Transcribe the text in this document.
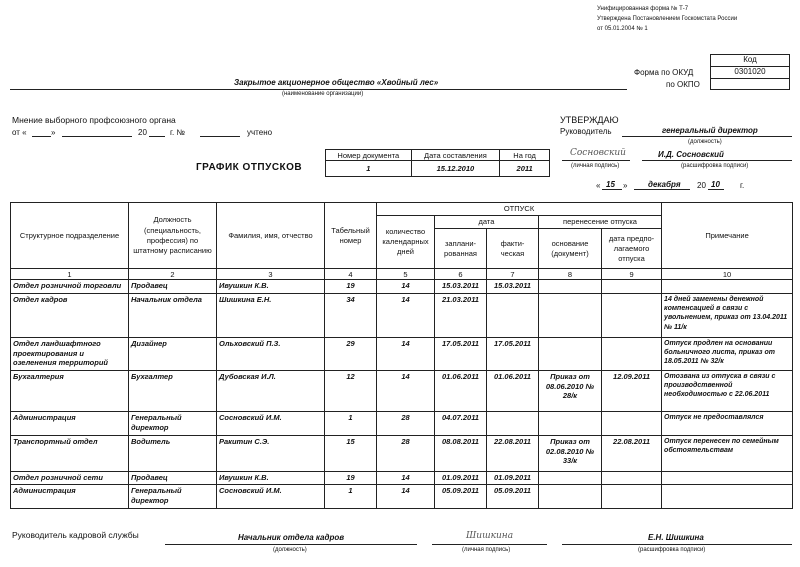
Унифицированная форма № Т-7
Утверждена Постановлением Госкомстата России
от 05.01.2004 № 1
Код
0301020
Форма по ОКУД
по ОКПО
Закрытое акционерное общество «Хвойный лес»
(наименование организации)
Мнение выборного профсоюзного органа
от «	»	20	г. №	учтено
УТВЕРЖДАЮ
Руководитель	генеральный директор
(должность)
Сосновский
(личная подпись)
И.Д. Сосновский
(расшифровка подписи)
« 15 »	декабря 20 10	г.
ГРАФИК ОТПУСКОВ
Номер документа	Дата составления	На год
1	15.12.2010	2011
Структурное подразделение	Должность (специальность, профессия) по штатному расписанию	Фамилия, имя, отчество	Табельный номер	ОТПУСК					Примечание
				количество календарных дней	дата		перенесение отпуска		
					заплани-рованная	факти-ческая	основание (документ)	дата предпо-лагаемого отпуска	
1	2	3	4	5	6	7	8	9	10
Отдел розничной торговли	Продавец	Ивушкин К.В.	19	14	15.03.2011	15.03.2011			
Отдел кадров	Начальник отдела	Шишкина Е.Н.	34	14	21.03.2011				14 дней заменены денежной компенсацией в связи с увольнением, приказ от 13.04.2011 № 11/к
Отдел ландшафтного проектирования и озеленения территорий	Дизайнер	Ольховский П.З.	29	14	17.05.2011	17.05.2011			Отпуск продлен на основании больничного листа, приказ от 18.05.2011 № 32/к
Бухгалтерия	Бухгалтер	Дубовская И.Л.	12	14	01.06.2011	01.06.2011	Приказ от 08.06.2010 № 28/к	12.09.2011	Отозвана из отпуска в связи с производственной необходимостью с 22.06.2011
Администрация	Генеральный директор	Сосновский И.М.	1	28	04.07.2011				Отпуск не предоставлялся
Транспортный отдел	Водитель	Ракитин С.Э.	15	28	08.08.2011	22.08.2011	Приказ от 02.08.2010 № 33/к	22.08.2011	Отпуск перенесен по семейным обстоятельствам
Отдел розничной сети	Продавец	Ивушкин К.В.	19	14	01.09.2011	01.09.2011			
Администрация	Генеральный директор	Сосновский И.М.	1	14	05.09.2011	05.09.2011			
Руководитель кадровой службы	Начальник отдела кадров
(должность)
Шишкина
(личная подпись)
Е.Н. Шишкина
(расшифровка подписи)
